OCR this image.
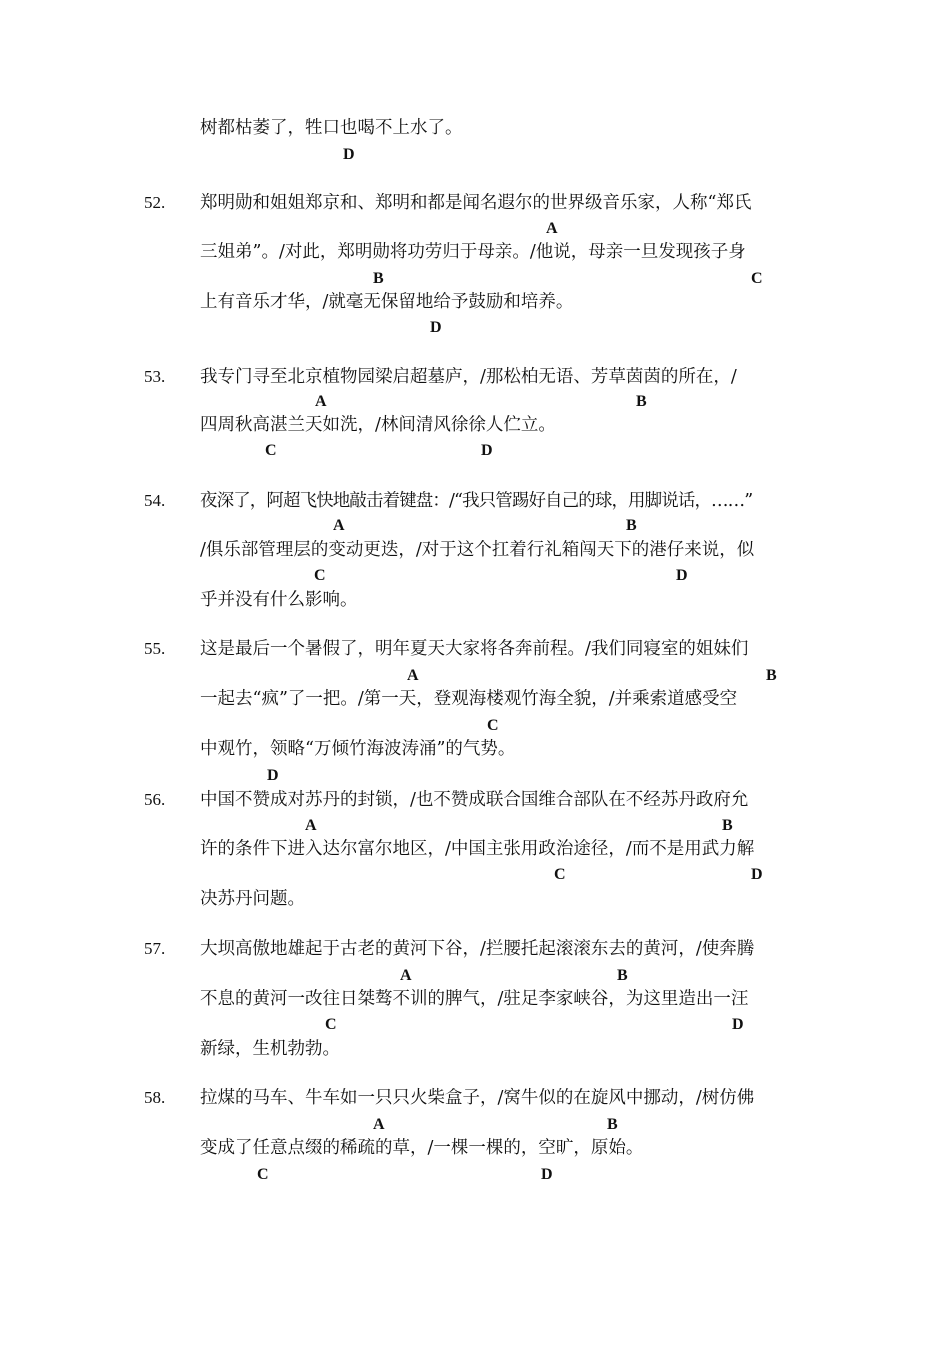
树都枯萎了，牲口也喝不上水了。
D
52. 郑明勋和姐姐郑京和、郑明和都是闻名遐尔的世界级音乐家，人称“郑氏
A
三姐弟”。/对此，郑明勋将功劳归于母亲。/他说，母亲一旦发现孩子身
B	C
上有音乐才华，/就毫无保留地给予鼓励和培养。
D
53. 我专门寻至北京植物园梁启超墓庐，/那松柏无语、芳草茵茵的所在，/
A	B
四周秋高湛兰天如洗，/林间清风徐徐人伫立。
C	D
54. 夜深了，阿超飞快地敲击着键盘：/“我只管踢好自己的球，用脚说话，……”
A	B
/俱乐部管理层的变动更迭，/对于这个扛着行礼箱闯天下的港仔来说，似
C	D
乎并没有什么影响。
55. 这是最后一个暑假了，明年夏天大家将各奔前程。/我们同寝室的姐妹们
A	B
一起去“疯”了一把。/第一天，登观海楼观竹海全貌，/并乘索道感受空
C
中观竹，领略“万倾竹海波涛涌”的气势。
D
56. 中国不赞成对苏丹的封锁，/也不赞成联合国维合部队在不经苏丹政府允
A	B
许的条件下进入达尔富尔地区，/中国主张用政治途径，/而不是用武力解
C	D
决苏丹问题。
57. 大坝高傲地雄起于古老的黄河下谷，/拦腰托起滚滚东去的黄河，/使奔腾
A	B
不息的黄河一改往日桀骜不训的脾气，/驻足李家峡谷，为这里造出一汪
C	D
新绿，生机勃勃。
58. 拉煤的马车、牛车如一只只火柴盒子，/窝牛似的在旋风中挪动，/树仿佛
A	B
变成了任意点缀的稀疏的草，/一棵一棵的，空旷，原始。
C	D
